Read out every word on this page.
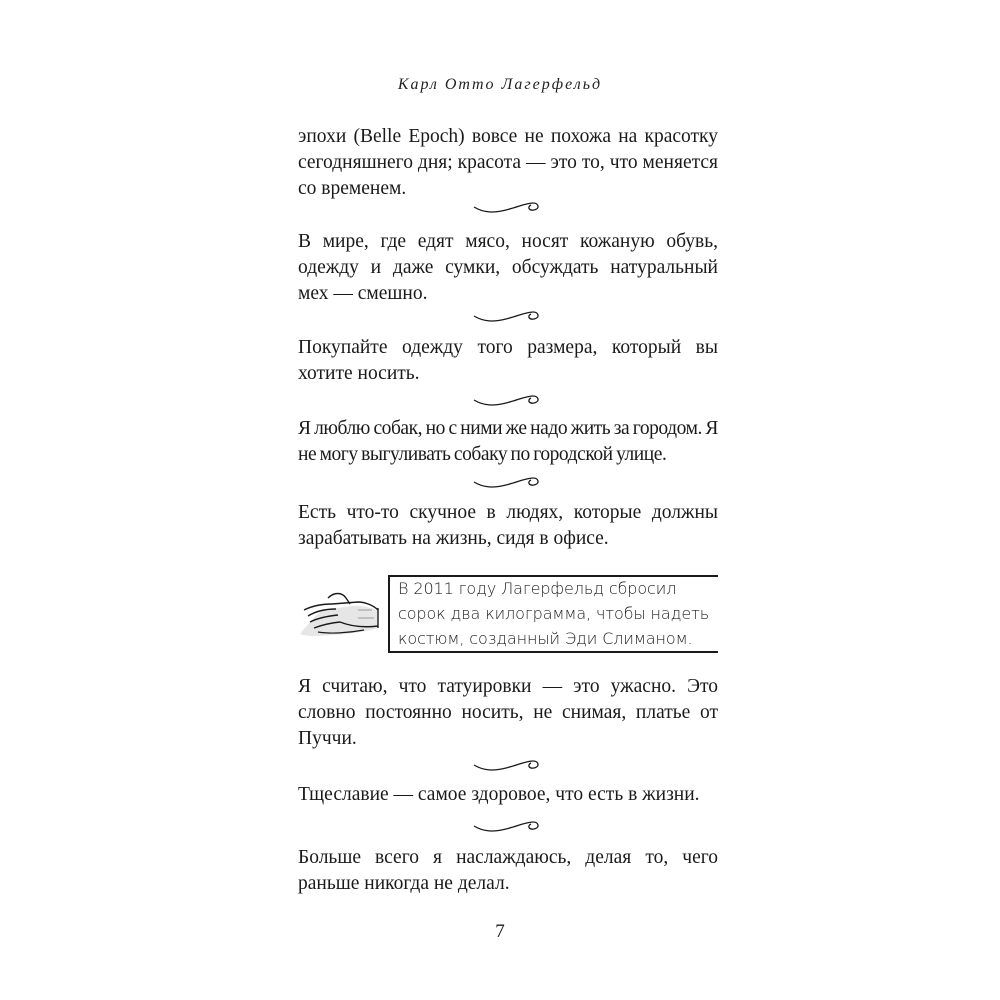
Карл Отто Лагерфельд

эпохи (Belle Epoch) вовсе не похожа на красотку сегодняшнего дня; красота — это то, что меняется со временем.

В мире, где едят мясо, носят кожаную обувь, одежду и даже сумки, обсуждать натуральный мех — смешно.

Покупайте одежду того размера, который вы хотите носить.

Я люблю собак, но с ними же надо жить за городом. Я не могу выгуливать собаку по городской улице.

Есть что-то скучное в людях, которые должны зарабатывать на жизнь, сидя в офисе.

В 2011 году Лагерфельд сбросил сорок два килограмма, чтобы надеть костюм, созданный Эди Слиманом.

Я считаю, что татуировки — это ужасно. Это словно постоянно носить, не снимая, платье от Пуччи.

Тщеславие — самое здоровое, что есть в жизни.

Больше всего я наслаждаюсь, делая то, чего раньше никогда не делал.

7
